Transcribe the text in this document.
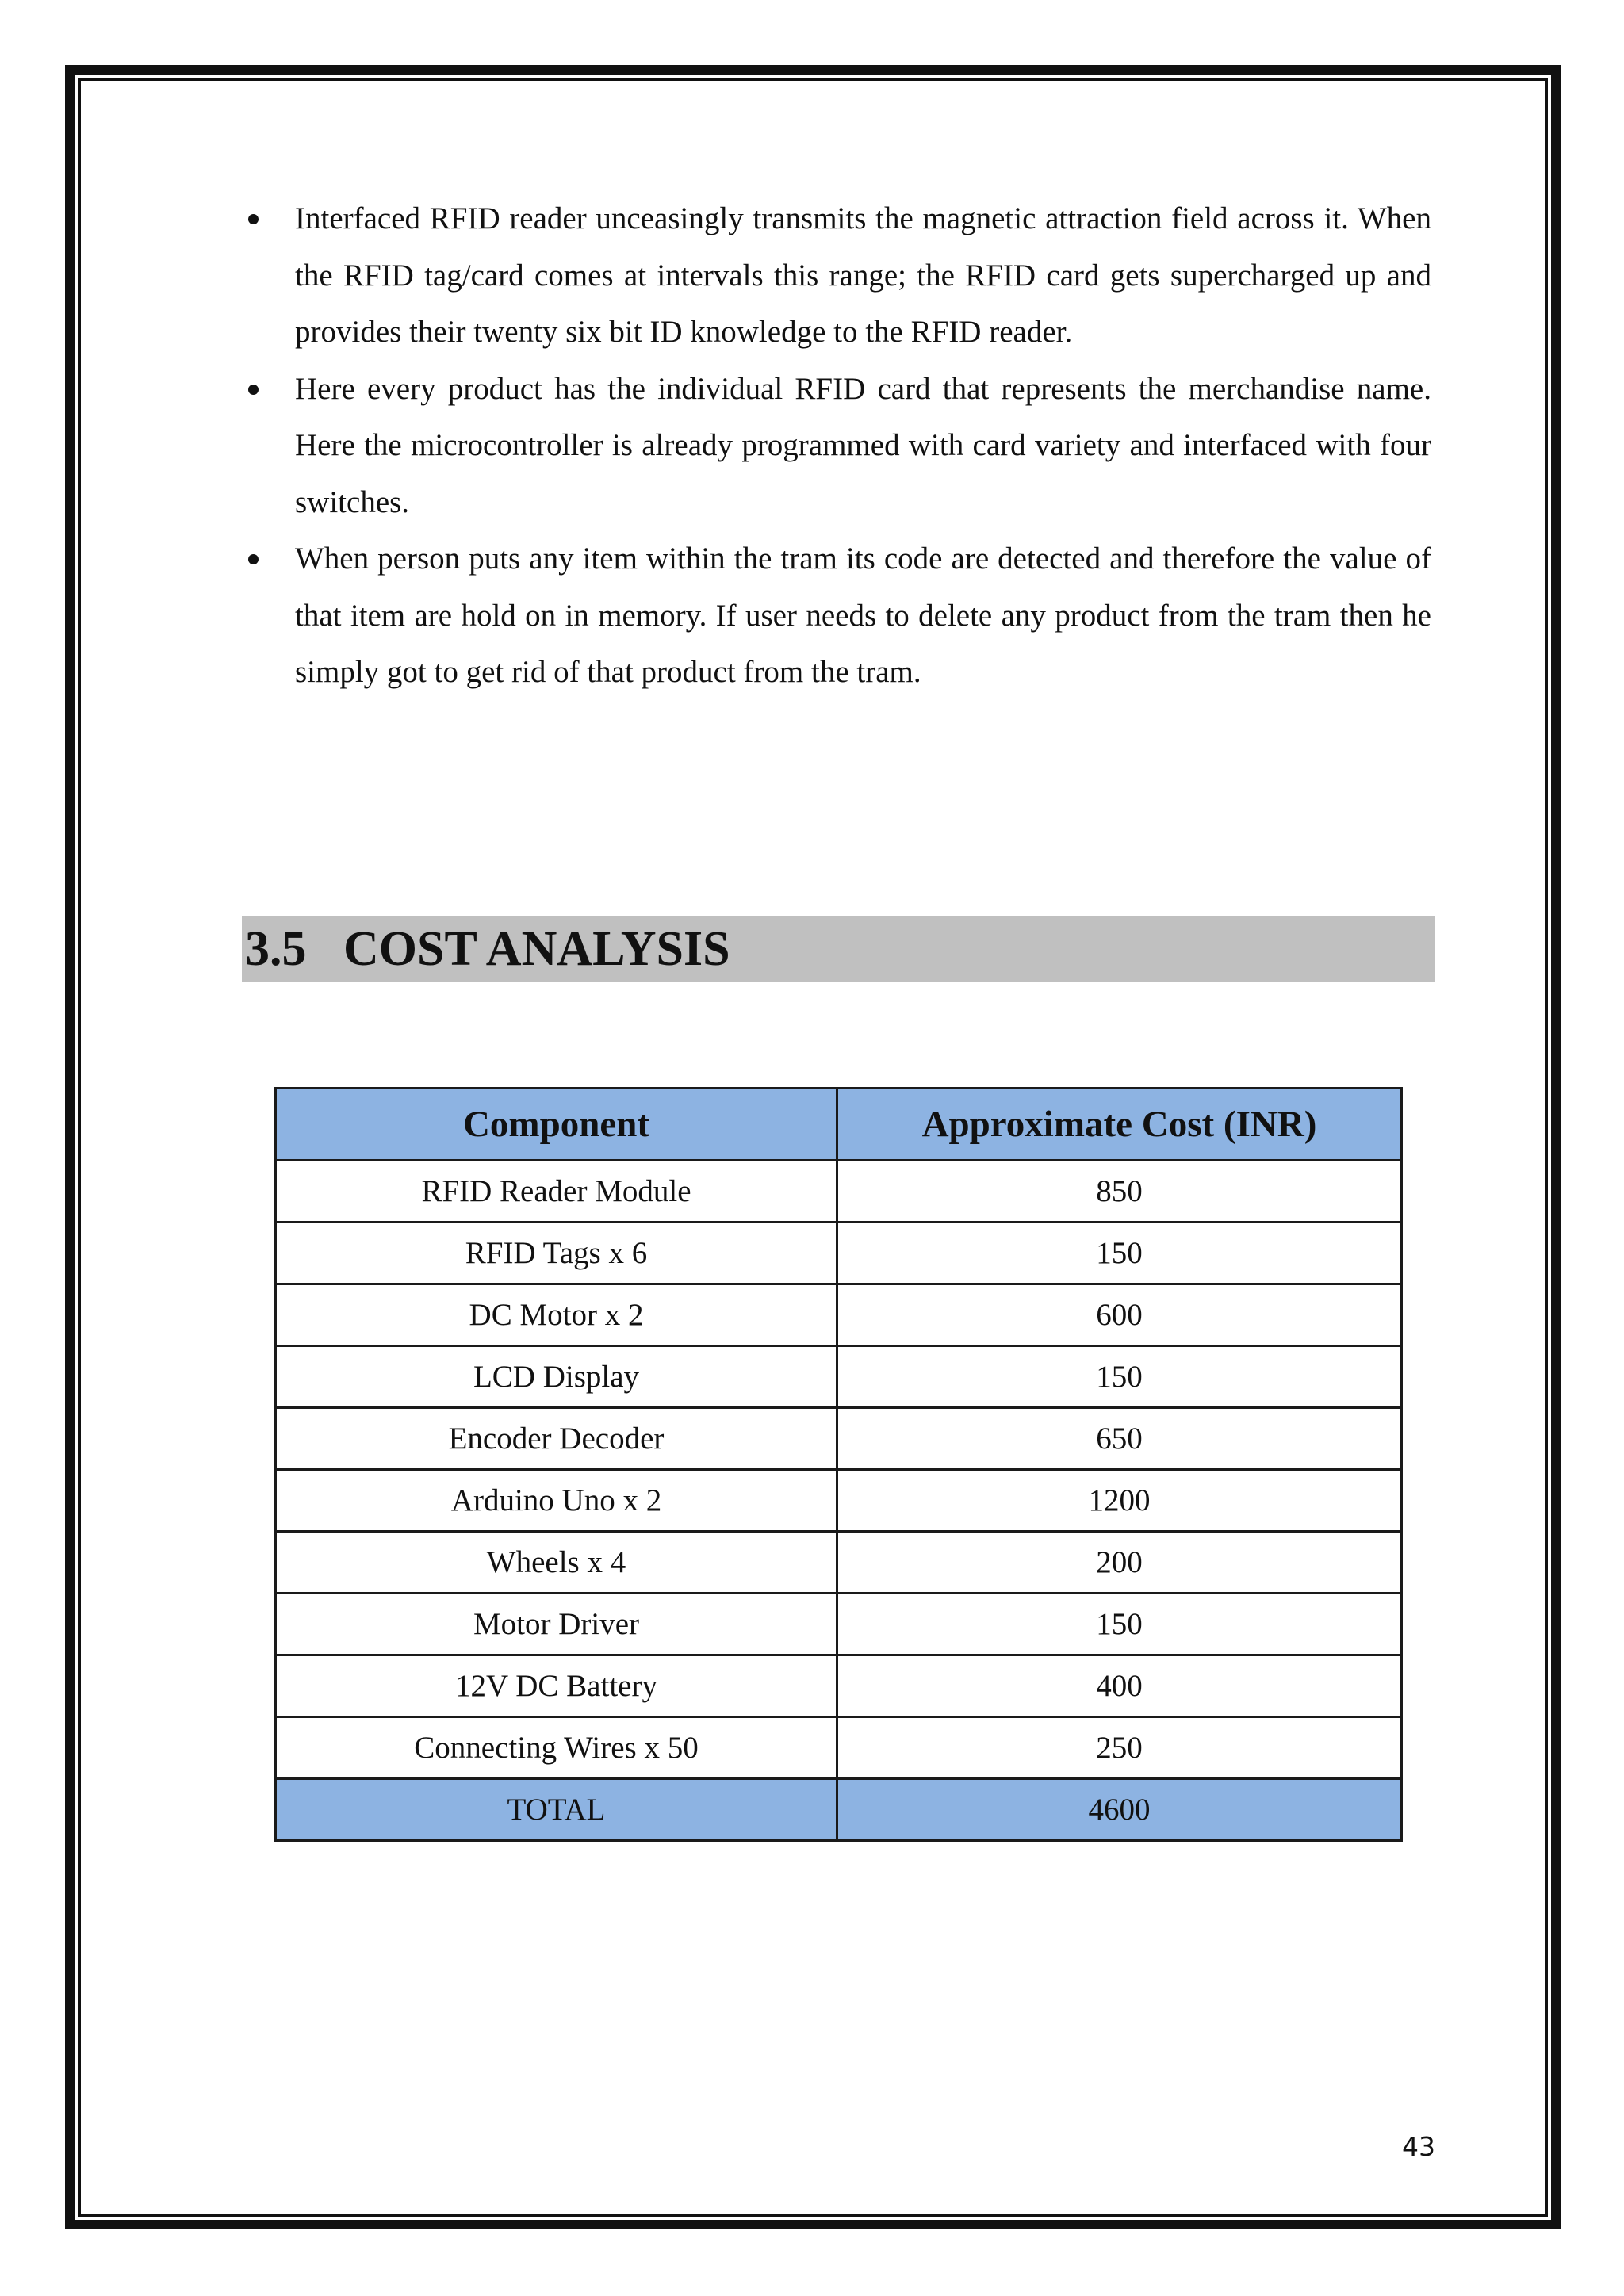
Interfaced RFID reader unceasingly transmits the magnetic attraction field across it. When the RFID tag/card comes at intervals this range; the RFID card gets supercharged up and provides their twenty six bit ID knowledge to the RFID reader.
Here every product has the individual RFID card that represents the merchandise name. Here the microcontroller is already programmed with card variety and interfaced with four switches.
When person puts any item within the tram its code are detected and therefore the value of that item are hold on in memory. If user needs to delete any product from the tram then he simply got to get rid of that product from the tram.
3.5 COST ANALYSIS
Component	Approximate Cost (INR)
RFID Reader Module	850
RFID Tags x 6	150
DC Motor x 2	600
LCD Display	150
Encoder Decoder	650
Arduino Uno x 2	1200
Wheels x 4	200
Motor Driver	150
12V DC Battery	400
Connecting Wires x 50	250
TOTAL	4600
43
